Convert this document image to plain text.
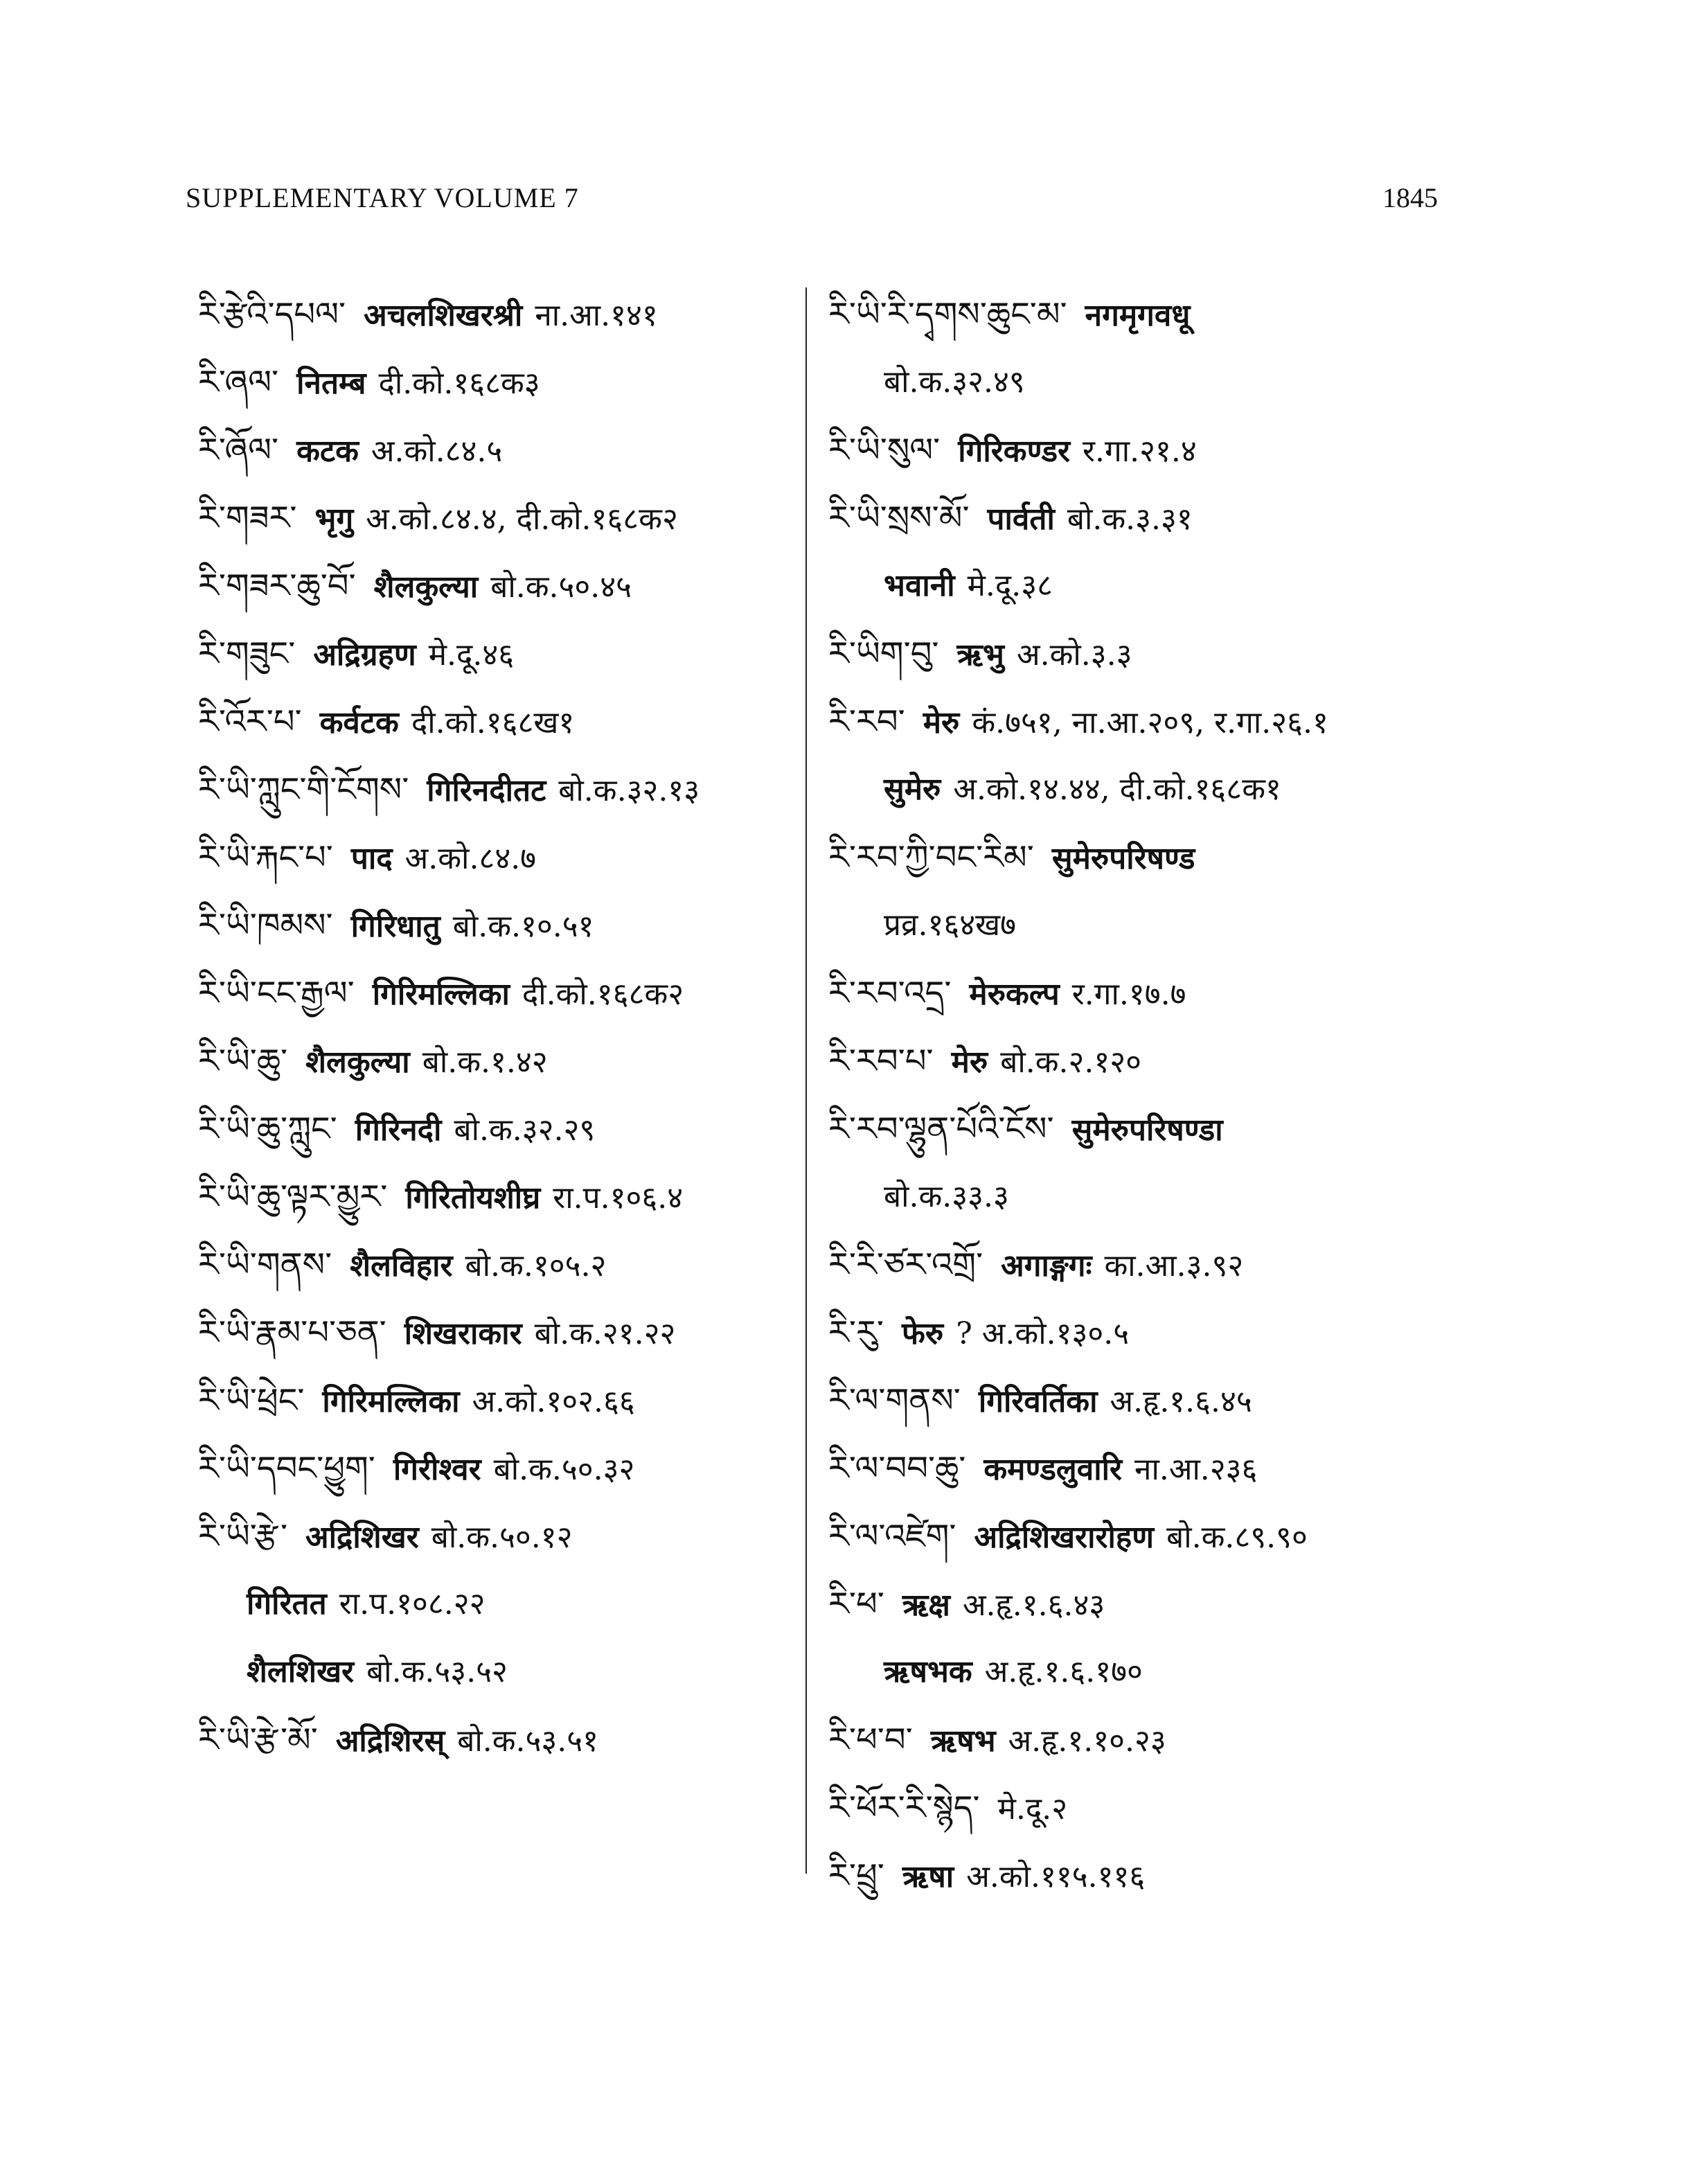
SUPPLEMENTARY VOLUME 7	1845
རི་རྩེའི་དཔལ་ अचलशिखरश्री ना.आ.१४१
རི་ཞལ་ नितम्ब दी.को.१६८क३
རི་ཞོལ་ कटक अ.को.८४.५
རི་གཟར་ भृगु अ.को.८४.४, दी.को.१६८क२
རི་གཟར་ཆུ་བོ་ शैलकुल्या बो.क.५०.४५
རི་གཟུང་ अद्रिग्रहण मे.दू.४६
རི་འོར་པ་ कर्वटक दी.को.१६८ख१
རི་ཡི་ཀླུང་གི་ངོགས་ गिरिनदीतट बो.क.३२.१३
རི་ཡི་རྐང་པ་ पाद अ.को.८४.७
རི་ཡི་ཁམས་ गिरिधातु बो.क.१०.५१
རི་ཡི་ངང་རྒྱལ་ गिरिमल्लिका दी.को.१६८क२
རི་ཡི་ཆུ་ शैलकुल्या बो.क.१.४२
རི་ཡི་ཆུ་ཀླུང་ गिरिनदी बो.क.३२.२९
རི་ཡི་ཆུ་ལྟར་མྱུར་ गिरितोयशीघ्र रा.प.१०६.४
རི་ཡི་གནས་ शैलविहार बो.क.१०५.२
རི་ཡི་རྣམ་པ་ཅན་ शिखराकार बो.क.२१.२२
རི་ཡི་ཕྲེང་ गिरिमल्लिका अ.को.१०२.६६
རི་ཡི་དབང་ཕྱུག་ गिरीश्वर बो.क.५०.३२
རི་ཡི་རྩེ་ अद्रिशिखर बो.क.५०.१२
गिरितत रा.प.१०८.२२
शैलशिखर बो.क.५३.५२
རི་ཡི་རྩེ་མོ་ अद्रिशिरस् बो.क.५३.५१
རི་ཡི་རི་དྭགས་ཆུང་མ་ नगमृगवधू
बो.क.३२.४९
རི་ཡི་སུལ་ गिरिकण्डर र.गा.२१.४
རི་ཡི་སྲས་མོ་ पार्वती बो.क.३.३१
भवानी मे.दू.३८
རི་ཡིག་བུ་ ऋभु अ.को.३.३
རི་རབ་ मेरु कं.७५१, ना.आ.२०९, र.गा.२६.१
सुमेरु अ.को.१४.४४, दी.को.१६८क१
རི་རབ་ཀྱི་བང་རིམ་ सुमेरुपरिषण्ड
प्रव्र.१६४ख७
རི་རབ་འདྲ་ मेरुकल्प र.गा.१७.७
རི་རབ་པ་ मेरु बो.क.२.१२०
རི་རབ་ལྷུན་པོའི་ངོས་ सुमेरुपरिषण्डा
बो.क.३३.३
རི་རི་ཙར་འགྲོ་ अगाङ्गगः का.आ.३.९२
རི་རུ་ फेरु ? अ.को.१३०.५
རི་ལ་གནས་ गिरिवर्तिका अ.हृ.१.६.४५
རི་ལ་བབ་ཆུ་ कमण्डलुवारि ना.आ.२३६
རི་ལ་འཛེག་ अद्रिशिखरारोहण बो.क.८९.९०
རི་ཕ་ ऋक्ष अ.हृ.१.६.४३
ऋषभक अ.हृ.१.६.१७०
རི་ཕ་བ་ ऋषभ अ.हृ.१.१०.२३
རི་ཕོར་རི་སྙེད་ मे.दू.२
རི་ཕྲུ་ ऋषा अ.को.११५.११६
